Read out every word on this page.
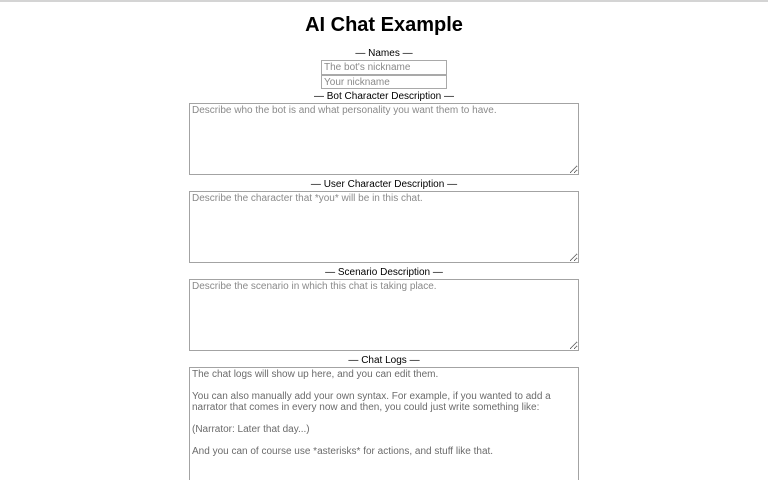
AI Chat Example
— Names —
The bot's nickname
Your nickname
— Bot Character Description —
Describe who the bot is and what personality you want them to have.
— User Character Description —
Describe the character that *you* will be in this chat.
— Scenario Description —
Describe the scenario in which this chat is taking place.
— Chat Logs —
The chat logs will show up here, and you can edit them. You can also manually add your own syntax. For example, if you wanted to add a narrator that comes in every now and then, you could just write something like: (Narrator: Later that day...) And you can of course use *asterisks* for actions, and stuff like that.
